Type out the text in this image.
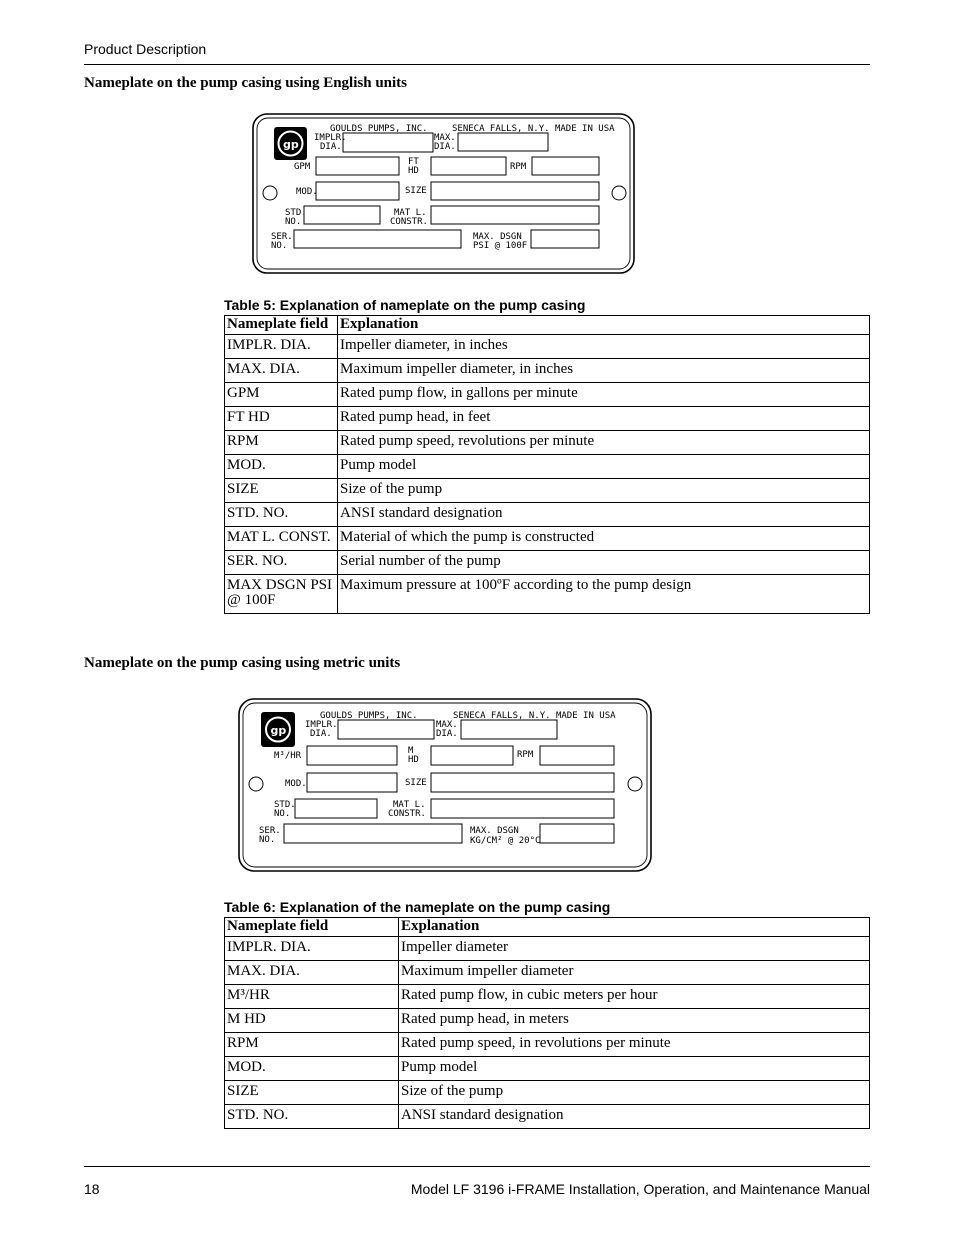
Product Description
Nameplate on the pump casing using English units
gp
GOULDS PUMPS, INC.	SENECA FALLS, N.Y. MADE IN USA
IMPLR.
DIA.
MAX.
DIA.
GPM	FT
HD	RPM
MOD.	SIZE
STD.
NO.
MAT L.
CONSTR.
SER.
NO.
MAX. DSGN
PSI @ 100F
Table 5: Explanation of nameplate on the pump casing
Nameplate field	Explanation
IMPLR. DIA.	Impeller diameter, in inches
MAX. DIA.	Maximum impeller diameter, in inches
GPM	Rated pump flow, in gallons per minute
FT HD	Rated pump head, in feet
RPM	Rated pump speed, revolutions per minute
MOD.	Pump model
SIZE	Size of the pump
STD. NO.	ANSI standard designation
MAT L. CONST.	Material of which the pump is constructed
SER. NO.	Serial number of the pump
MAX DSGN PSI @ 100F	Maximum pressure at 100ºF according to the pump design
Nameplate on the pump casing using metric units
gp
GOULDS PUMPS, INC.	SENECA FALLS, N.Y. MADE IN USA
IMPLR.
DIA.
MAX.
DIA.
M³/HR	M
HD	RPM
MOD.	SIZE
STD.
NO.
MAT L.
CONSTR.
SER.
NO.
MAX. DSGN
KG/CM² @ 20°C
Table 6: Explanation of the nameplate on the pump casing
Nameplate field	Explanation
IMPLR. DIA.	Impeller diameter
MAX. DIA.	Maximum impeller diameter
M³/HR	Rated pump flow, in cubic meters per hour
M HD	Rated pump head, in meters
RPM	Rated pump speed, in revolutions per minute
MOD.	Pump model
SIZE	Size of the pump
STD. NO.	ANSI standard designation
18	Model LF 3196 i-FRAME Installation, Operation, and Maintenance Manual
